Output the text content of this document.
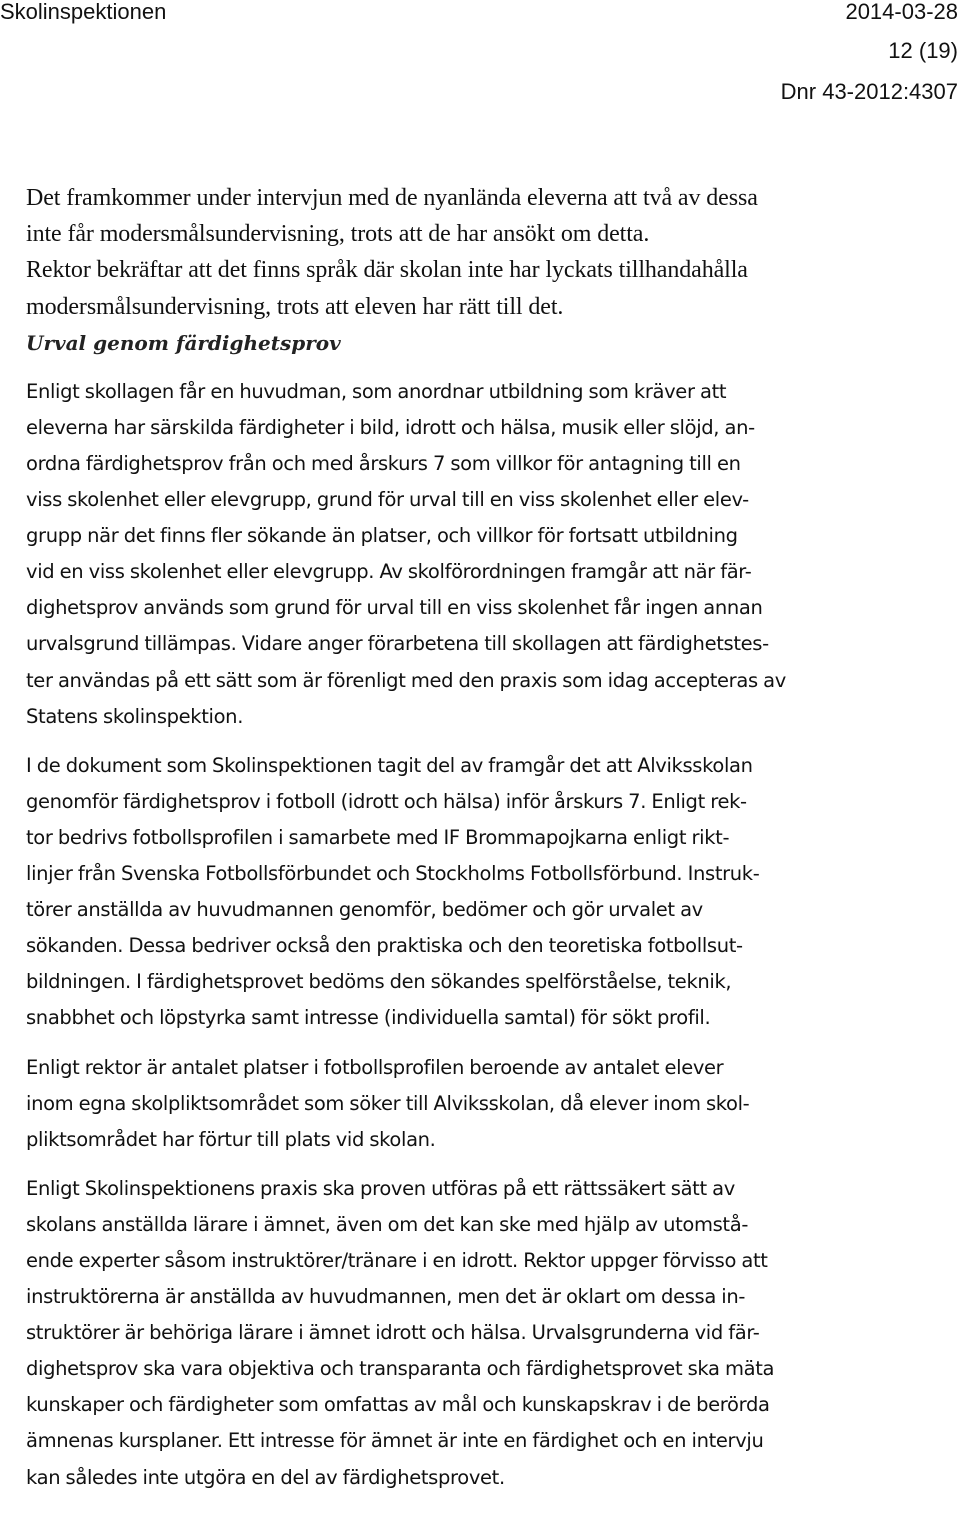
Skolinspektionen	2014-03-28
12 (19)
Dnr 43-2012:4307

Det framkommer under intervjun med de nyanlända eleverna att två av dessa
inte får modersmålsundervisning, trots att de har ansökt om detta.
Rektor bekräftar att det finns språk där skolan inte har lyckats tillhandahålla
modersmålsundervisning, trots att eleven har rätt till det.

Urval genom färdighetsprov

Enligt skollagen får en huvudman, som anordnar utbildning som kräver att
eleverna har särskilda färdigheter i bild, idrott och hälsa, musik eller slöjd, an-
ordna färdighetsprov från och med årskurs 7 som villkor för antagning till en
viss skolenhet eller elevgrupp, grund för urval till en viss skolenhet eller elev-
grupp när det finns fler sökande än platser, och villkor för fortsatt utbildning
vid en viss skolenhet eller elevgrupp. Av skolförordningen framgår att när fär-
dighetsprov används som grund för urval till en viss skolenhet får ingen annan
urvalsgrund tillämpas. Vidare anger förarbetena till skollagen att färdighetstes-
ter användas på ett sätt som är förenligt med den praxis som idag accepteras av
Statens skolinspektion.

I de dokument som Skolinspektionen tagit del av framgår det att Alviksskolan
genomför färdighetsprov i fotboll (idrott och hälsa) inför årskurs 7. Enligt rek-
tor bedrivs fotbollsprofilen i samarbete med IF Brommapojkarna enligt rikt-
linjer från Svenska Fotbollsförbundet och Stockholms Fotbollsförbund. Instruk-
törer anställda av huvudmannen genomför, bedömer och gör urvalet av
sökanden. Dessa bedriver också den praktiska och den teoretiska fotbollsut-
bildningen. I färdighetsprovet bedöms den sökandes spelförståelse, teknik,
snabbhet och löpstyrka samt intresse (individuella samtal) för sökt profil.

Enligt rektor är antalet platser i fotbollsprofilen beroende av antalet elever
inom egna skolpliktsområdet som söker till Alviksskolan, då elever inom skol-
pliktsområdet har förtur till plats vid skolan.

Enligt Skolinspektionens praxis ska proven utföras på ett rättssäkert sätt av
skolans anställda lärare i ämnet, även om det kan ske med hjälp av utomstå-
ende experter såsom instruktörer/tränare i en idrott. Rektor uppger förvisso att
instruktörerna är anställda av huvudmannen, men det är oklart om dessa in-
struktörer är behöriga lärare i ämnet idrott och hälsa. Urvalsgrunderna vid fär-
dighetsprov ska vara objektiva och transparanta och färdighetsprovet ska mäta
kunskaper och färdigheter som omfattas av mål och kunskapskrav i de berörda
ämnenas kursplaner. Ett intresse för ämnet är inte en färdighet och en intervju
kan således inte utgöra en del av färdighetsprovet.
